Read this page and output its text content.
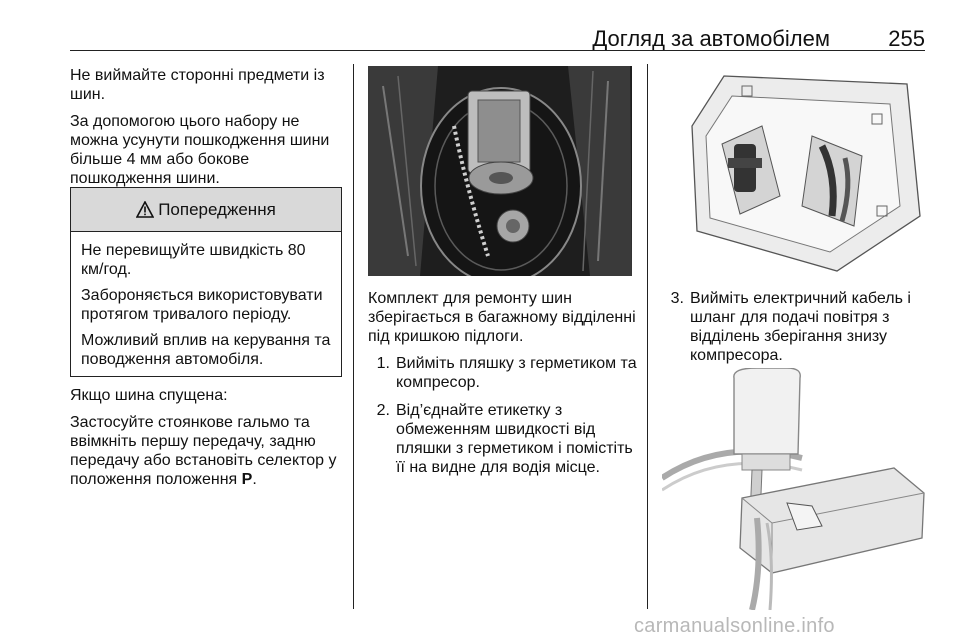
Догляд за автомобілем	255

Не виймайте сторонні предмети із шин.

За допомогою цього набору не можна усунути пошкодження шини більше 4 мм або бокове пошкодження шини.

Попередження

Не перевищуйте швидкість 80 км/год.

Забороняється використовувати протягом тривалого періоду.

Можливий вплив на керування та поводження автомобіля.

Якщо шина спущена:

Застосуйте стоянкове гальмо та ввімкніть першу передачу, задню передачу або встановіть селектор у положення положення P.

Комплект для ремонту шин зберігається в багажному відділенні під кришкою підлоги.

1. Вийміть пляшку з герметиком та компресор.
2. Від’єднайте етикетку з обмеженням швидкості від пляшки з герметиком і помістіть її на видне для водія місце.
3. Вийміть електричний кабель і шланг для подачі повітря з відділень зберігання знизу компресора.
carmanualsonline.info
